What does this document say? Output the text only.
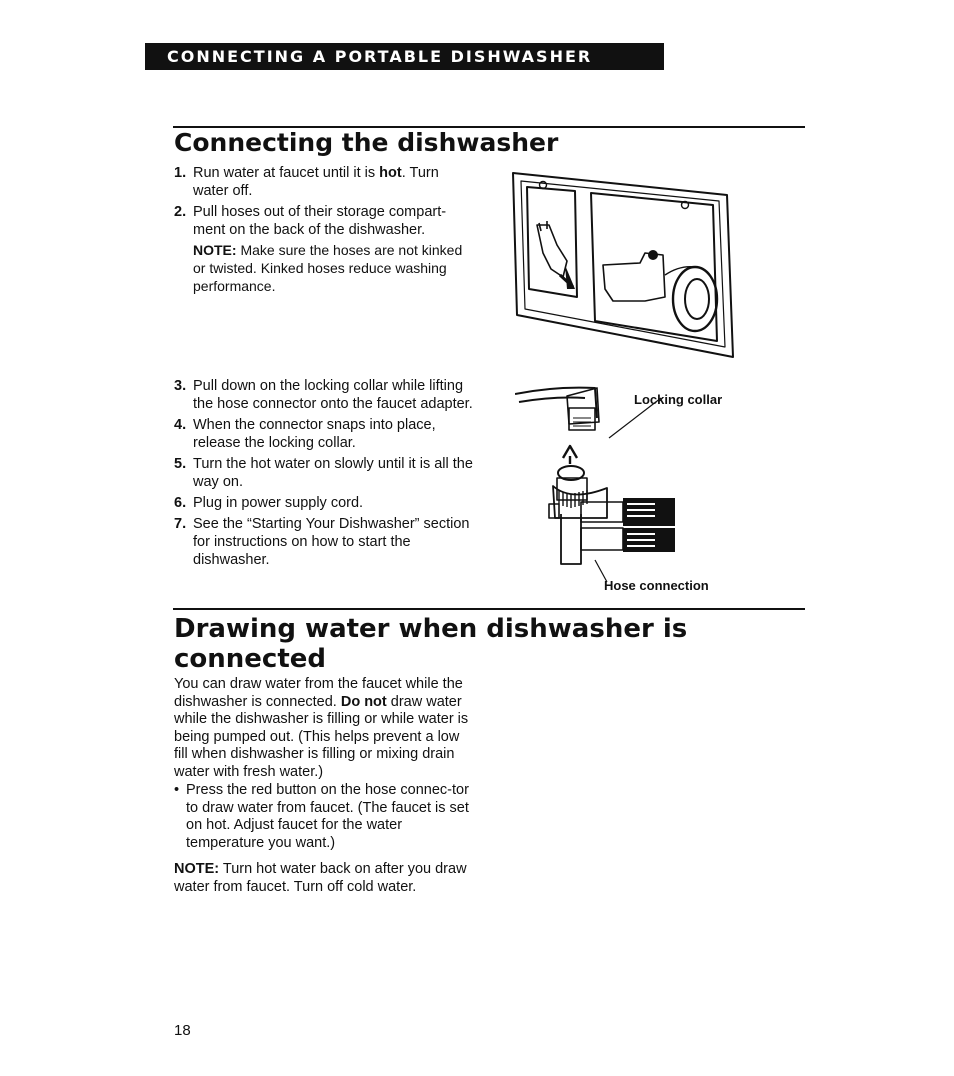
CONNECTING A PORTABLE DISHWASHER
Connecting the dishwasher
1. Run water at faucet until it is hot. Turn water off.
2. Pull hoses out of their storage compart-ment on the back of the dishwasher.
NOTE: Make sure the hoses are not kinked or twisted. Kinked hoses reduce washing performance.
3. Pull down on the locking collar while lifting the hose connector onto the faucet adapter.
4. When the connector snaps into place, release the locking collar.
5. Turn the hot water on slowly until it is all the way on.
6. Plug in power supply cord.
7. See the “Starting Your Dishwasher” section for instructions on how to start the dishwasher.
Locking collar
Hose connection
Drawing water when dishwasher is connected

You can draw water from the faucet while the dishwasher is connected. Do not draw water while the dishwasher is filling or while water is being pumped out. (This helps prevent a low fill when dishwasher is filling or mixing drain water with fresh water.)

• Press the red button on the hose connec-tor to draw water from faucet. (The faucet is set on hot. Adjust faucet for the water temperature you want.)

NOTE: Turn hot water back on after you draw water from faucet. Turn off cold water.

18
